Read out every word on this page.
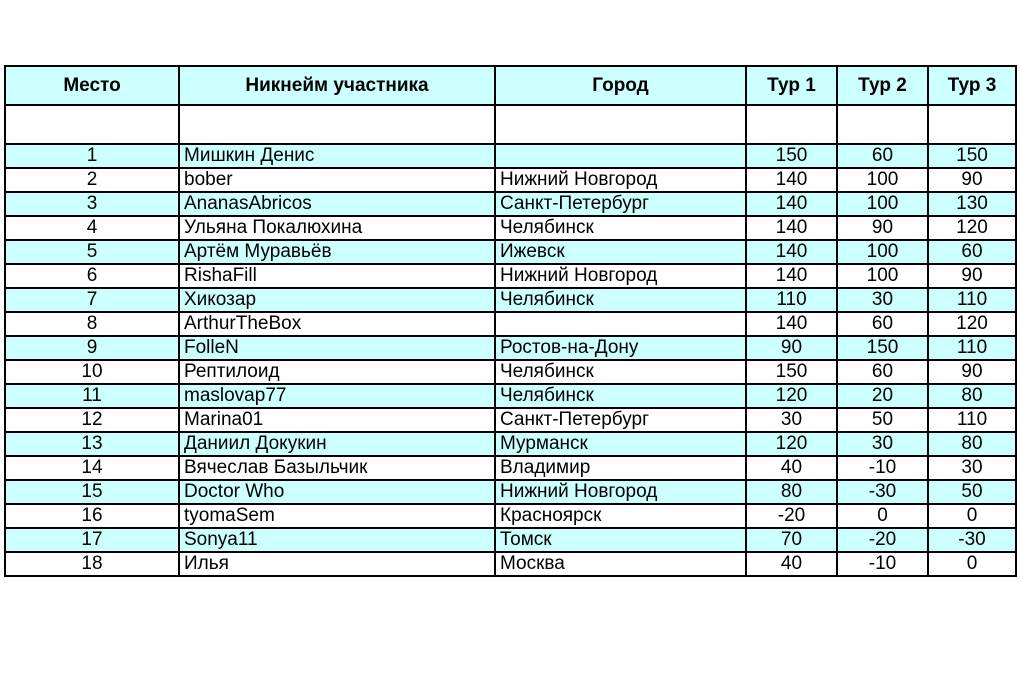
Место	Никнейм участника	Город	Тур 1	Тур 2	Тур 3

1	Мишкин Денис		150	60	150
2	bober	Нижний Новгород	140	100	90
3	AnanasAbricos	Санкт-Петербург	140	100	130
4	Ульяна Покалюхина	Челябинск	140	90	120
5	Артём Муравьёв	Ижевск	140	100	60
6	RishaFill	Нижний Новгород	140	100	90
7	Хикозар	Челябинск	110	30	110
8	ArthurTheBox		140	60	120
9	FolleN	Ростов-на-Дону	90	150	110
10	Рептилоид	Челябинск	150	60	90
11	maslovap77	Челябинск	120	20	80
12	Marina01	Санкт-Петербург	30	50	110
13	Даниил Докукин	Мурманск	120	30	80
14	Вячеслав Базыльчик	Владимир	40	-10	30
15	Doctor Who	Нижний Новгород	80	-30	50
16	tyomaSem	Красноярск	-20	0	0
17	Sonya11	Томск	70	-20	-30
18	Илья	Москва	40	-10	0
